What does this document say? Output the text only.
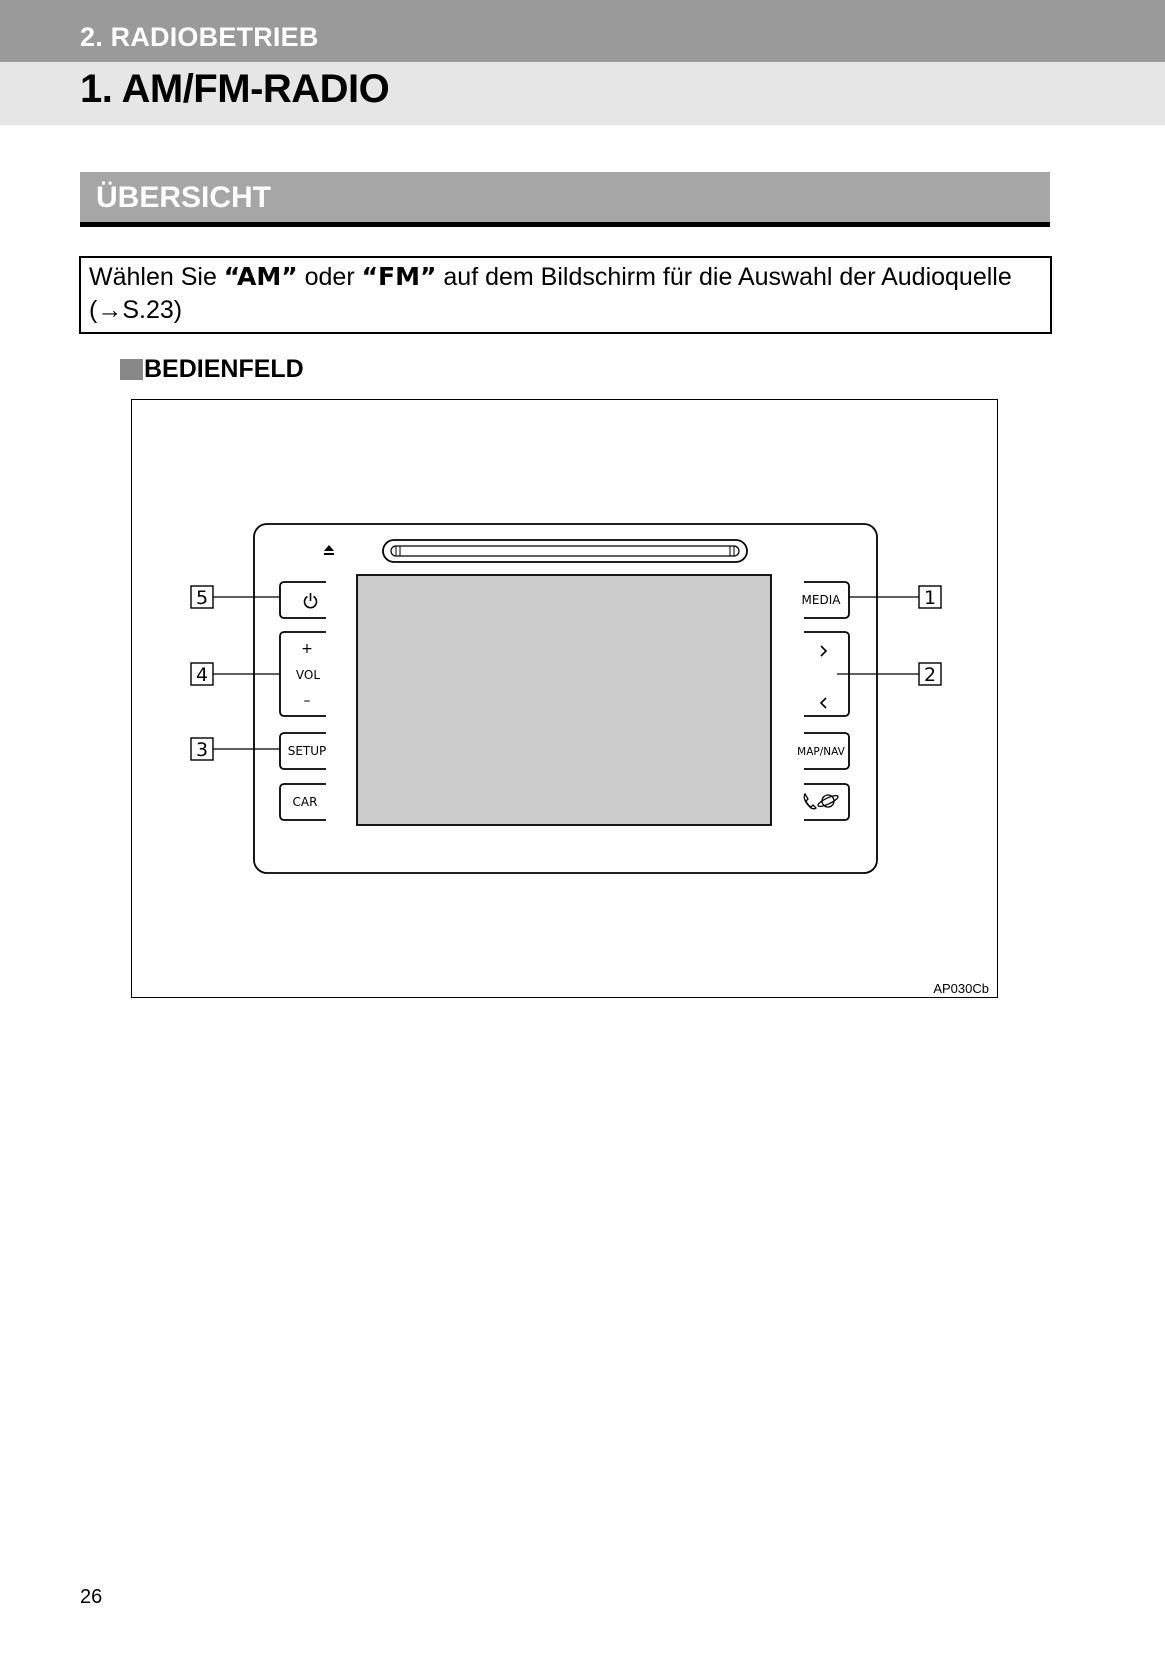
2. RADIOBETRIEB
1. AM/FM-RADIO
ÜBERSICHT
Wählen Sie “AM” oder “FM” auf dem Bildschirm für die Auswahl der Audioquelle
(→S.23)
BEDIENFELD
+
VOL
–
SETUP
CAR
MEDIA
MAP/NAV
5
4
3
1
2
AP030Cb
26
